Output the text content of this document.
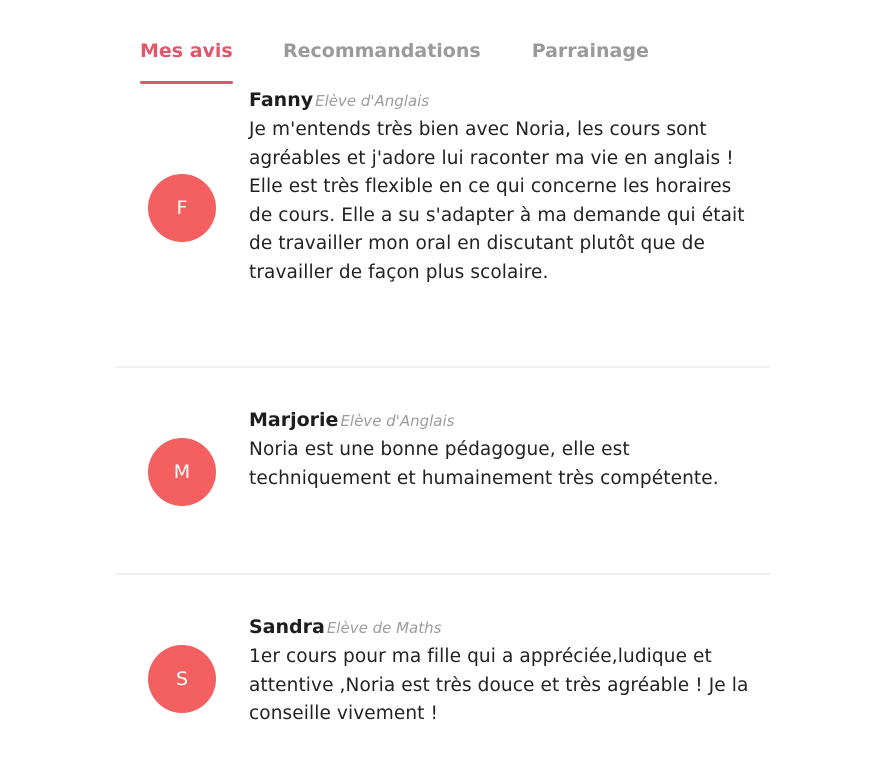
Mes avis	Recommandations	Parrainage
F
Fanny Elève d'Anglais
Je m'entends très bien avec Noria, les cours sont agréables et j'adore lui raconter ma vie en anglais ! Elle est très flexible en ce qui concerne les horaires de cours. Elle a su s'adapter à ma demande qui était de travailler mon oral en discutant plutôt que de travailler de façon plus scolaire.
M
Marjorie Elève d'Anglais
Noria est une bonne pédagogue, elle est techniquement et humainement très compétente.
S
Sandra Elève de Maths
1er cours pour ma fille qui a appréciée,ludique et attentive ,Noria est très douce et très agréable ! Je la conseille vivement !
